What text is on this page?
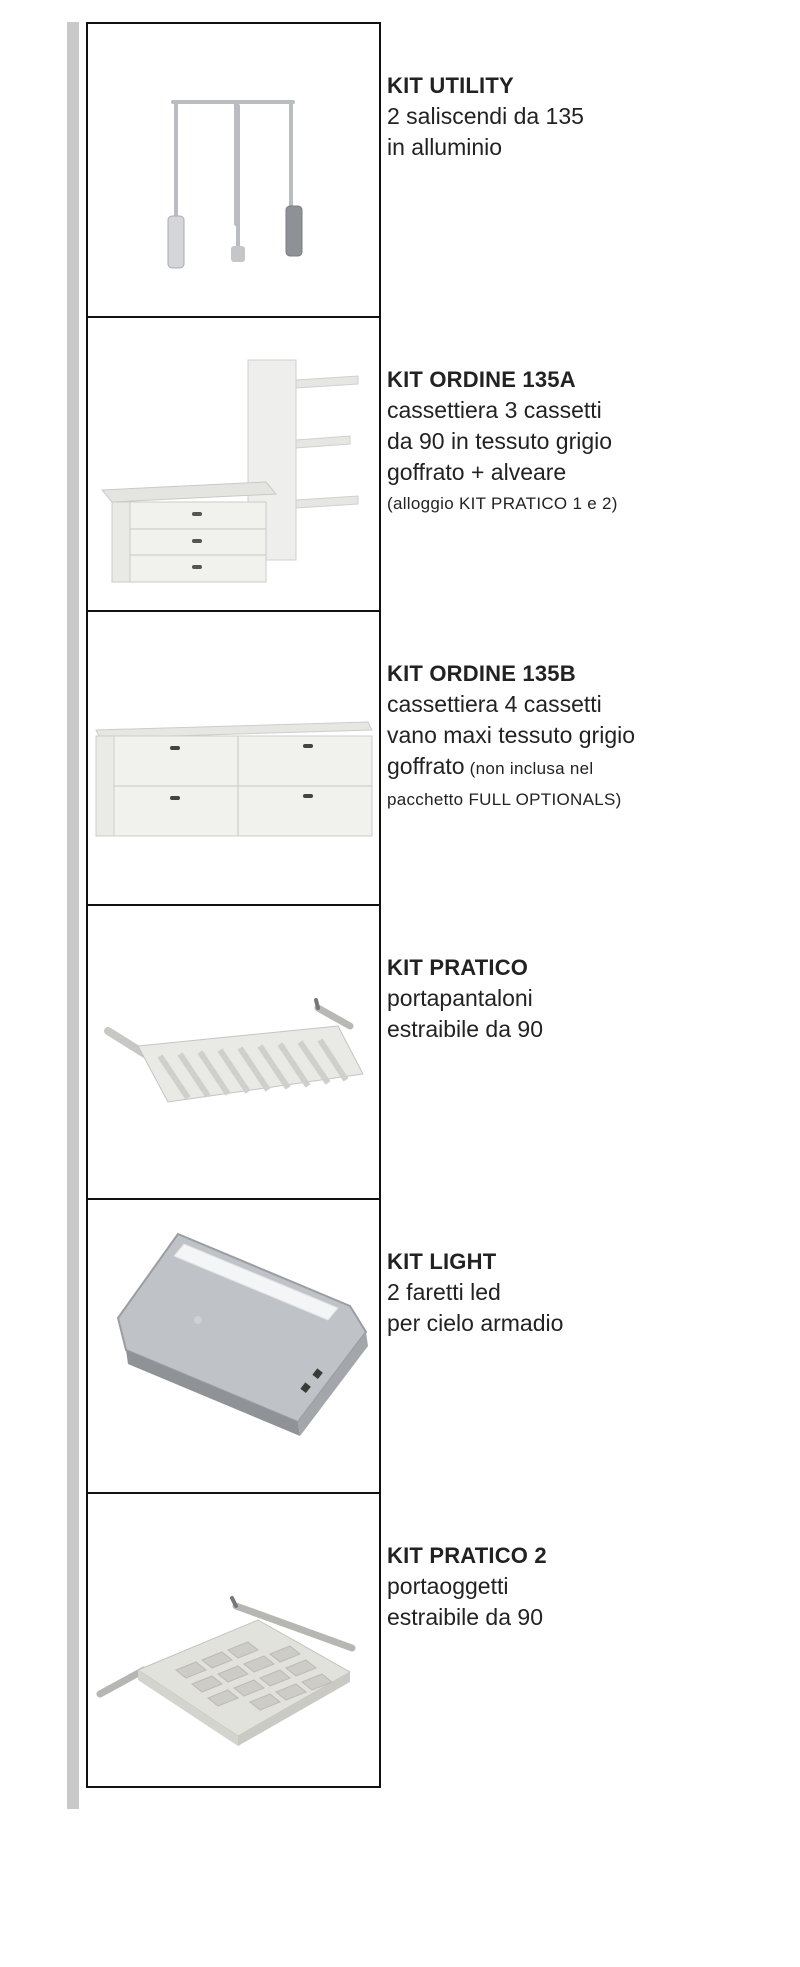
KIT UTILITY
2 saliscendi da 135
in alluminio
KIT ORDINE 135A
cassettiera 3 cassetti
da 90 in tessuto grigio
goffrato + alveare
(alloggio KIT PRATICO 1 e 2)
KIT ORDINE 135B
cassettiera 4 cassetti
vano maxi tessuto grigio
goffrato (non inclusa nel
pacchetto FULL OPTIONALS)
KIT PRATICO
portapantaloni
estraibile da 90
KIT LIGHT
2 faretti led
per cielo armadio
KIT PRATICO 2
portaoggetti
estraibile da 90
